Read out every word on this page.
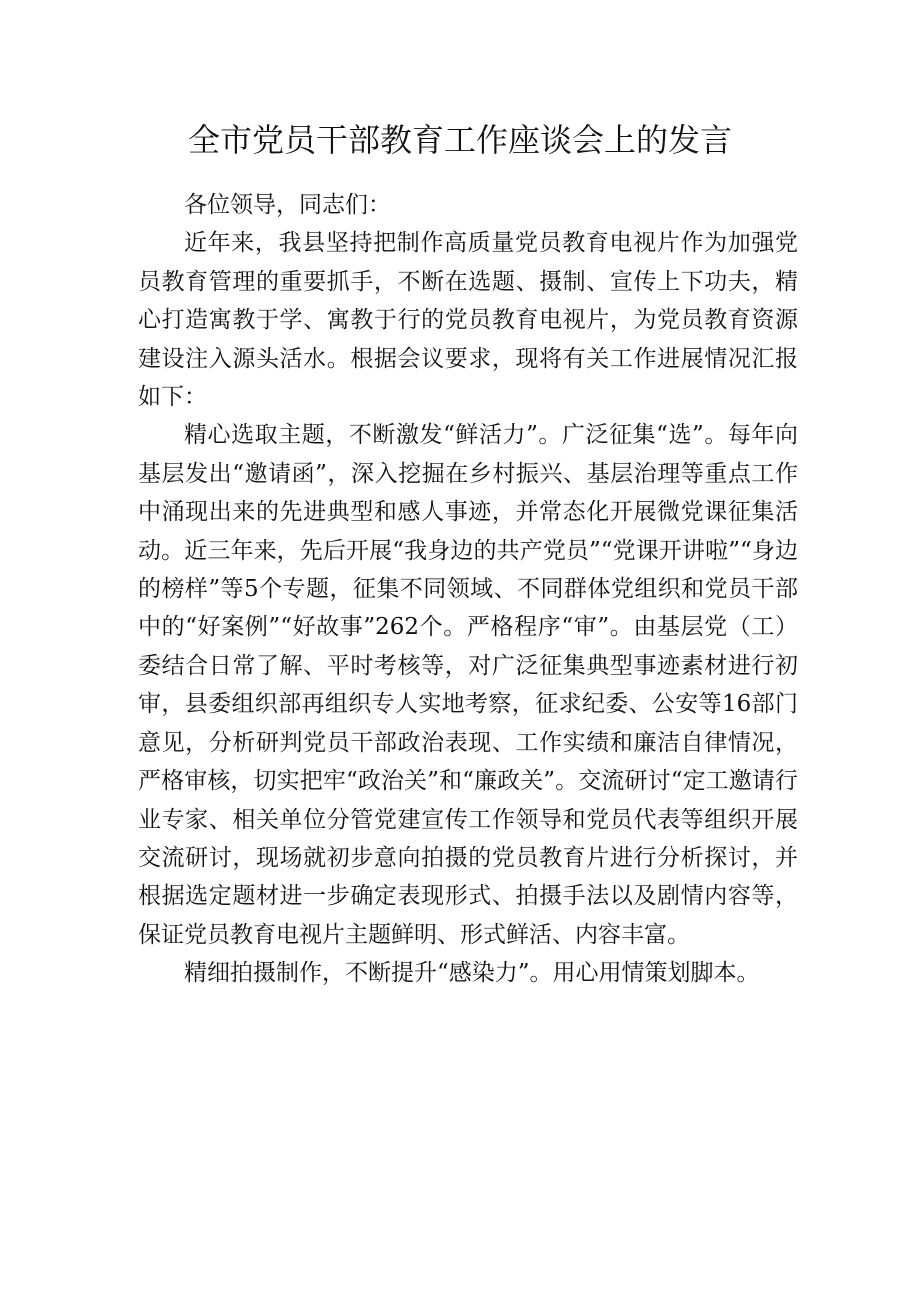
全市党员干部教育工作座谈会上的发言

各位领导，同志们：

近年来，我县坚持把制作高质量党员教育电视片作为加强党员教育管理的重要抓手，不断在选题、摄制、宣传上下功夫，精心打造寓教于学、寓教于行的党员教育电视片，为党员教育资源建设注入源头活水。根据会议要求，现将有关工作进展情况汇报如下：

精心选取主题，不断激发“鲜活力”。广泛征集“选”。每年向基层发出“邀请函”，深入挖掘在乡村振兴、基层治理等重点工作中涌现出来的先进典型和感人事迹，并常态化开展微党课征集活动。近三年来，先后开展“我身边的共产党员”“党课开讲啦”“身边的榜样”等5个专题，征集不同领域、不同群体党组织和党员干部中的“好案例”“好故事”262个。严格程序“审”。由基层党（工）委结合日常了解、平时考核等，对广泛征集典型事迹素材进行初审，县委组织部再组织专人实地考察，征求纪委、公安等16部门意见，分析研判党员干部政治表现、工作实绩和廉洁自律情况，严格审核，切实把牢“政治关”和“廉政关”。交流研讨“定工邀请行业专家、相关单位分管党建宣传工作领导和党员代表等组织开展交流研讨，现场就初步意向拍摄的党员教育片进行分析探讨，并根据选定题材进一步确定表现形式、拍摄手法以及剧情内容等，保证党员教育电视片主题鲜明、形式鲜活、内容丰富。

精细拍摄制作，不断提升“感染力”。用心用情策划脚本。
